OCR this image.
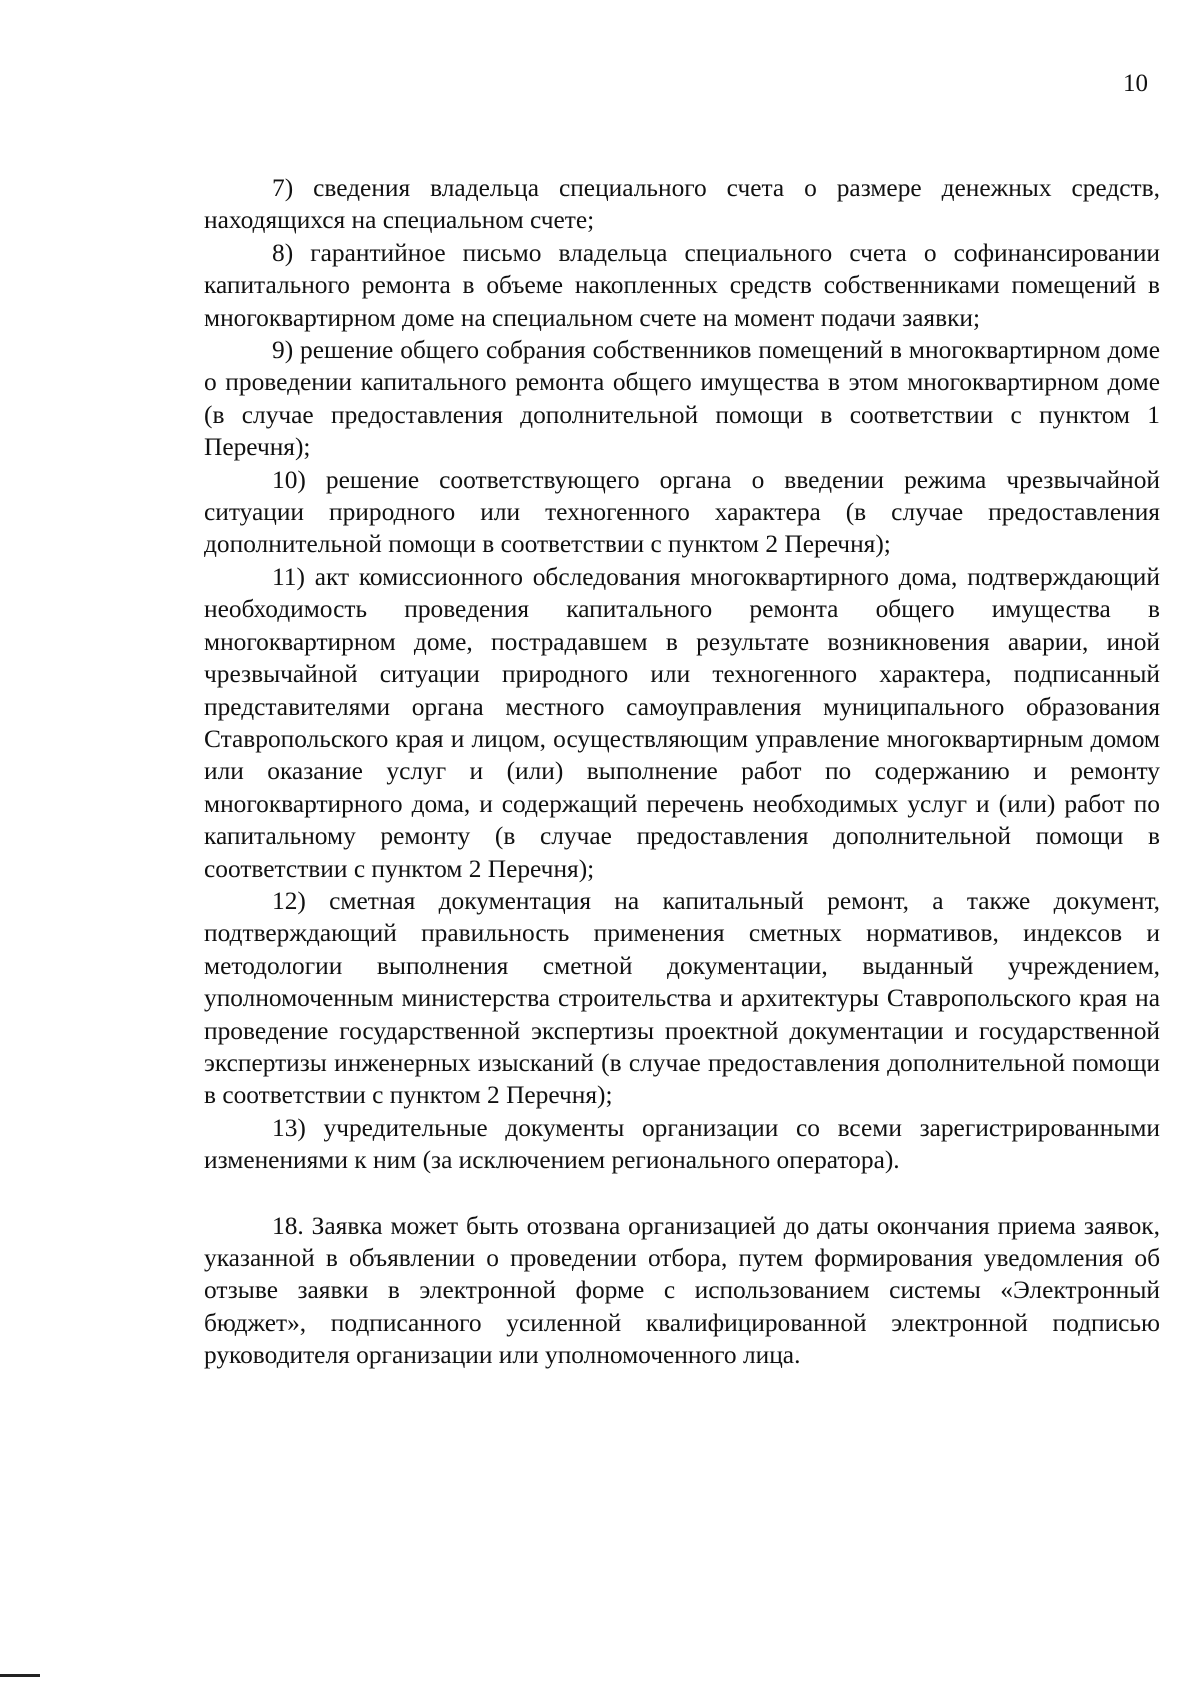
10

7) сведения владельца специального счета о размере денежных средств, находящихся на специальном счете;

8) гарантийное письмо владельца специального счета о софинансировании капитального ремонта в объеме накопленных средств собственниками помещений в многоквартирном доме на специальном счете на момент подачи заявки;

9) решение общего собрания собственников помещений в многоквартирном доме о проведении капитального ремонта общего имущества в этом многоквартирном доме (в случае предоставления дополнительной помощи в соответствии с пунктом 1 Перечня);

10) решение соответствующего органа о введении режима чрезвычайной ситуации природного или техногенного характера (в случае предоставления дополнительной помощи в соответствии с пунктом 2 Перечня);

11) акт комиссионного обследования многоквартирного дома, подтверждающий необходимость проведения капитального ремонта общего имущества в многоквартирном доме, пострадавшем в результате возникновения аварии, иной чрезвычайной ситуации природного или техногенного характера, подписанный представителями органа местного самоуправления муниципального образования Ставропольского края и лицом, осуществляющим управление многоквартирным домом или оказание услуг и (или) выполнение работ по содержанию и ремонту многоквартирного дома, и содержащий перечень необходимых услуг и (или) работ по капитальному ремонту (в случае предоставления дополнительной помощи в соответствии с пунктом 2 Перечня);

12) сметная документация на капитальный ремонт, а также документ, подтверждающий правильность применения сметных нормативов, индексов и методологии выполнения сметной документации, выданный учреждением, уполномоченным министерства строительства и архитектуры Ставропольского края на проведение государственной экспертизы проектной документации и государственной экспертизы инженерных изысканий (в случае предоставления дополнительной помощи в соответствии с пунктом 2 Перечня);

13) учредительные документы организации со всеми зарегистрированными изменениями к ним (за исключением регионального оператора).

18. Заявка может быть отозвана организацией до даты окончания приема заявок, указанной в объявлении о проведении отбора, путем формирования уведомления об отзыве заявки в электронной форме с использованием системы «Электронный бюджет», подписанного усиленной квалифицированной электронной подписью руководителя организации или уполномоченного лица.
